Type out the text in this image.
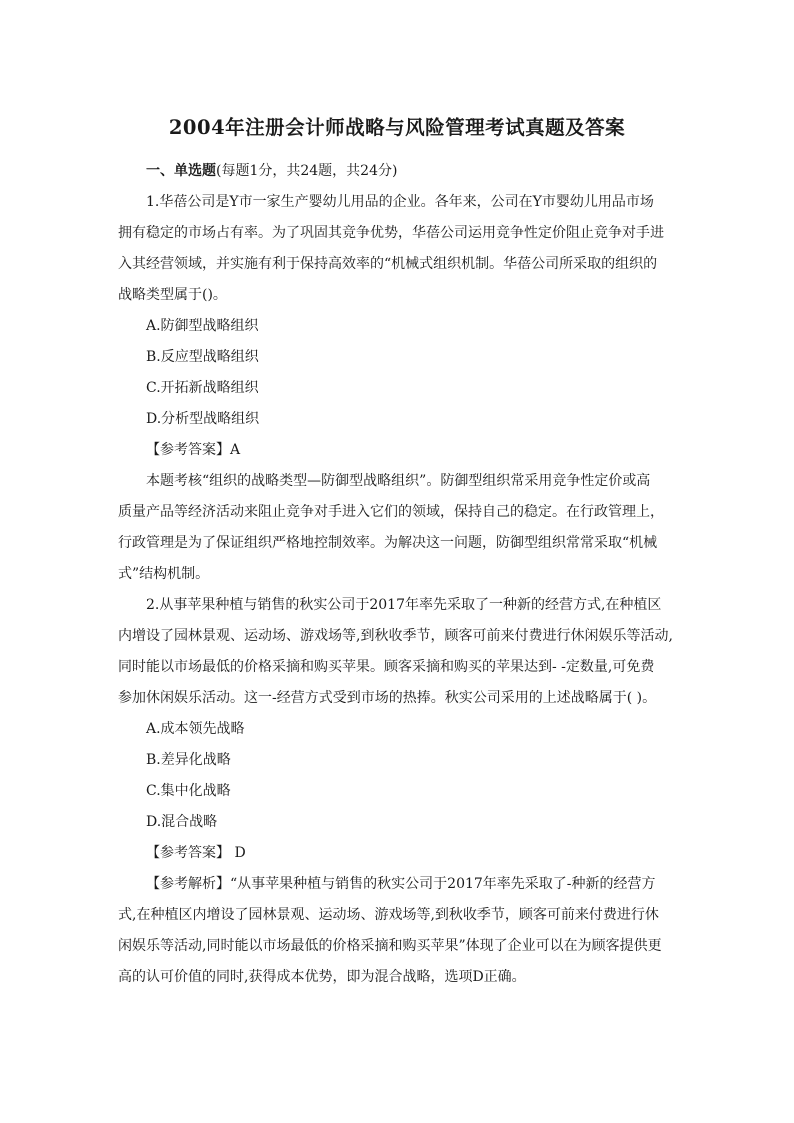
2004年注册会计师战略与风险管理考试真题及答案

一、单选题(每题1分，共24题，共24分)

1.华蓓公司是Y市一家生产婴幼儿用品的企业。各年来，公司在Y市婴幼儿用品市场

拥有稳定的市场占有率。为了巩固其竞争优势，华蓓公司运用竞争性定价阻止竞争对手进

入其经营领域，并实施有利于保持高效率的“机械式组织机制。华蓓公司所采取的组织的

战略类型属于()。

A.防御型战略组织

B.反应型战略组织

C.开拓新战略组织

D.分析型战略组织

【参考答案】A

本题考核“组织的战略类型—防御型战略组织”。防御型组织常采用竞争性定价或高

质量产品等经济活动来阻止竞争对手进入它们的领域，保持自己的稳定。在行政管理上，

行政管理是为了保证组织严格地控制效率。为解决这一问题，防御型组织常常采取“机械

式”结构机制。

2.从事苹果种植与销售的秋实公司于2017年率先采取了一种新的经营方式,在种植区

内增设了园林景观、运动场、游戏场等,到秋收季节，顾客可前来付费进行休闲娱乐等活动,

同时能以市场最低的价格采摘和购买苹果。顾客采摘和购买的苹果达到- -定数量,可免费

参加休闲娱乐活动。这一-经营方式受到市场的热捧。秋实公司采用的上述战略属于( )。

A.成本领先战略

B.差异化战略

C.集中化战略

D.混合战略

【参考答案】 D

【参考解析】“从事苹果种植与销售的秋实公司于2017年率先采取了-种新的经营方

式,在种植区内增设了园林景观、运动场、游戏场等,到秋收季节，顾客可前来付费进行休

闲娱乐等活动,同时能以市场最低的价格采摘和购买苹果”体现了企业可以在为顾客提供更

高的认可价值的同时,获得成本优势，即为混合战略，选项D正确。
